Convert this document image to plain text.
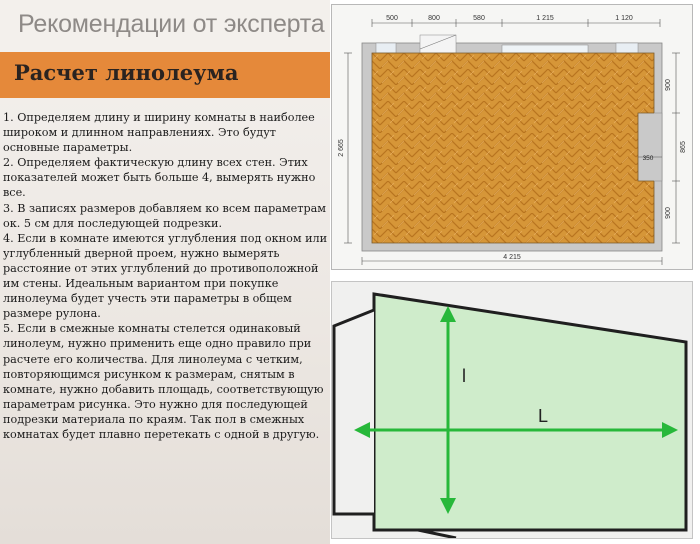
Рекомендации от эксперта
Расчет линолеума

1. Определяем длину и ширину комнаты в наиболее широком и длинном направлениях. Это будут основные параметры.

2. Определяем фактическую длину всех стен. Этих показателей может быть больше 4, вымерять нужно все.

3. В записях размеров добавляем ко всем параметрам ок. 5 см для последующей подрезки.

4. Если в комнате имеются углубления под окном или углубленный дверной проем, нужно вымерять расстояние от этих углублений до противоположной им стены. Идеальным вариантом при покупке линолеума будет учесть эти параметры в общем размере рулона.

5. Если в смежные комнаты стелется одинаковый линолеум, нужно применить еще одно правило при расчете его количества. Для линолеума с четким, повторяющимся рисунком к размерам, снятым в комнате, нужно добавить площадь, соответствующую параметрам рисунка. Это нужно для последующей подрезки материала по краям. Так пол в смежных комнатах будет плавно перетекать с одной в другую.

500	800	580	1 215	1 120
2 665
900
865
900
350
4 215
l
L
